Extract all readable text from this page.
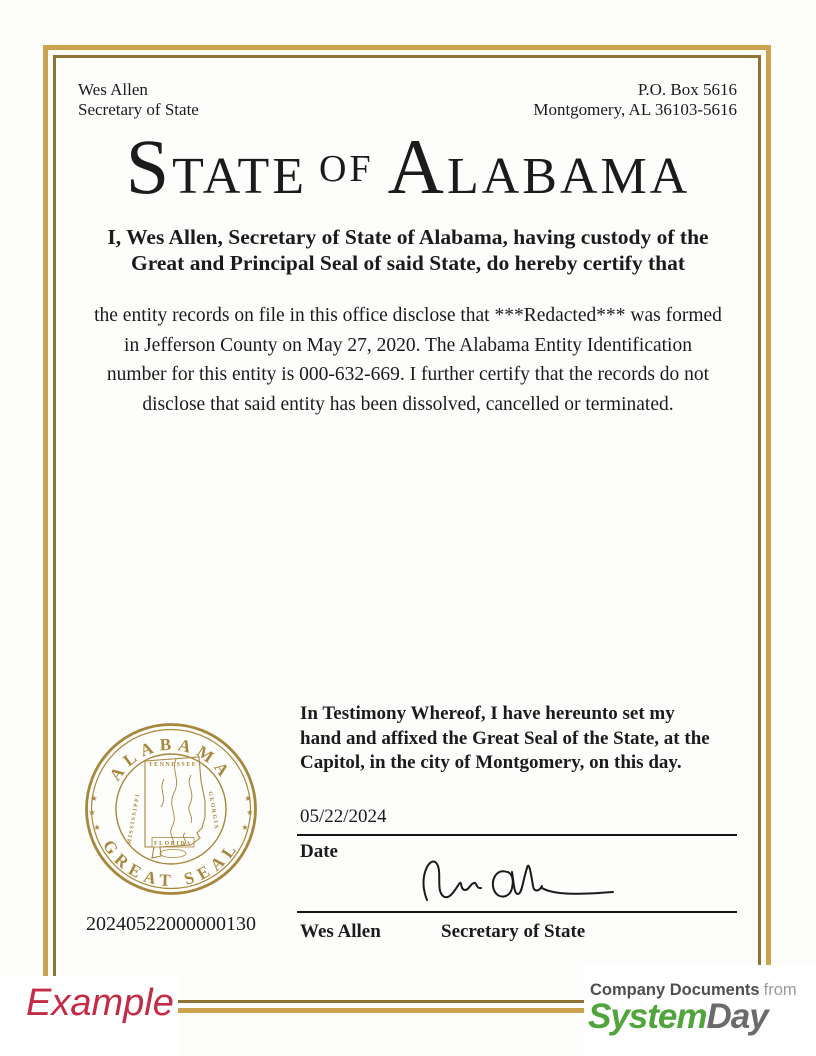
Wes Allen
Secretary of State
P.O. Box 5616
Montgomery, AL 36103-5616
STATE OF ALABAMA
I, Wes Allen, Secretary of State of Alabama, having custody of the
Great and Principal Seal of said State, do hereby certify that
the entity records on file in this office disclose that ***Redacted*** was formed
in Jefferson County on May 27, 2020. The Alabama Entity Identification
number for this entity is 000-632-669. I further certify that the records do not
disclose that said entity has been dissolved, cancelled or terminated.
In Testimony Whereof, I have hereunto set my
hand and affixed the Great Seal of the State, at the
Capitol, in the city of Montgomery, on this day.
05/22/2024
Date
Wes Allen	Secretary of State
ALABAMA
GREAT SEAL
★
★
★
★
★
★
TENNESSEE
MISSISSIPPI	GEORGIA
FLORIDA
20240522000000130
Example	Company Documents from
SystemDay
